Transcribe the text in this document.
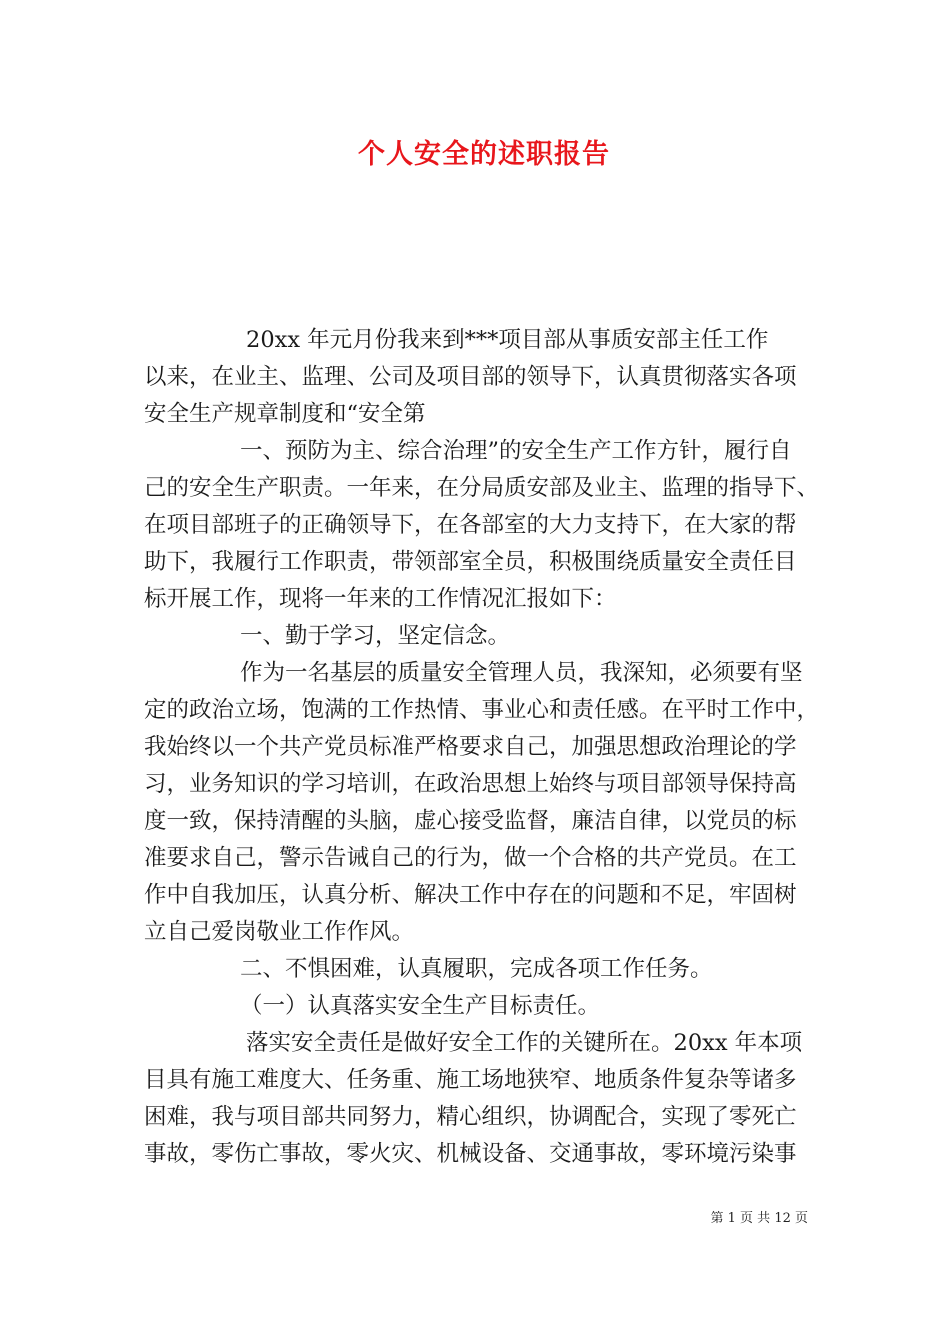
个人安全的述职报告
20xx 年元月份我来到***项目部从事质安部主任工作
以来，在业主、监理、公司及项目部的领导下，认真贯彻落实各项
安全生产规章制度和“安全第
一、预防为主、综合治理”的安全生产工作方针，履行自
己的安全生产职责。一年来，在分局质安部及业主、监理的指导下、
在项目部班子的正确领导下，在各部室的大力支持下，在大家的帮
助下，我履行工作职责，带领部室全员，积极围绕质量安全责任目
标开展工作，现将一年来的工作情况汇报如下：
一、勤于学习，坚定信念。
作为一名基层的质量安全管理人员，我深知，必须要有坚
定的政治立场，饱满的工作热情、事业心和责任感。在平时工作中，
我始终以一个共产党员标准严格要求自己，加强思想政治理论的学
习，业务知识的学习培训，在政治思想上始终与项目部领导保持高
度一致，保持清醒的头脑，虚心接受监督，廉洁自律，以党员的标
准要求自己，警示告诫自己的行为，做一个合格的共产党员。在工
作中自我加压，认真分析、解决工作中存在的问题和不足，牢固树
立自己爱岗敬业工作作风。
二、不惧困难，认真履职，完成各项工作任务。
（一）认真落实安全生产目标责任。
落实安全责任是做好安全工作的关键所在。20xx 年本项
目具有施工难度大、任务重、施工场地狭窄、地质条件复杂等诸多
困难，我与项目部共同努力，精心组织，协调配合，实现了零死亡
事故，零伤亡事故，零火灾、机械设备、交通事故，零环境污染事
第 1 页 共 12 页
